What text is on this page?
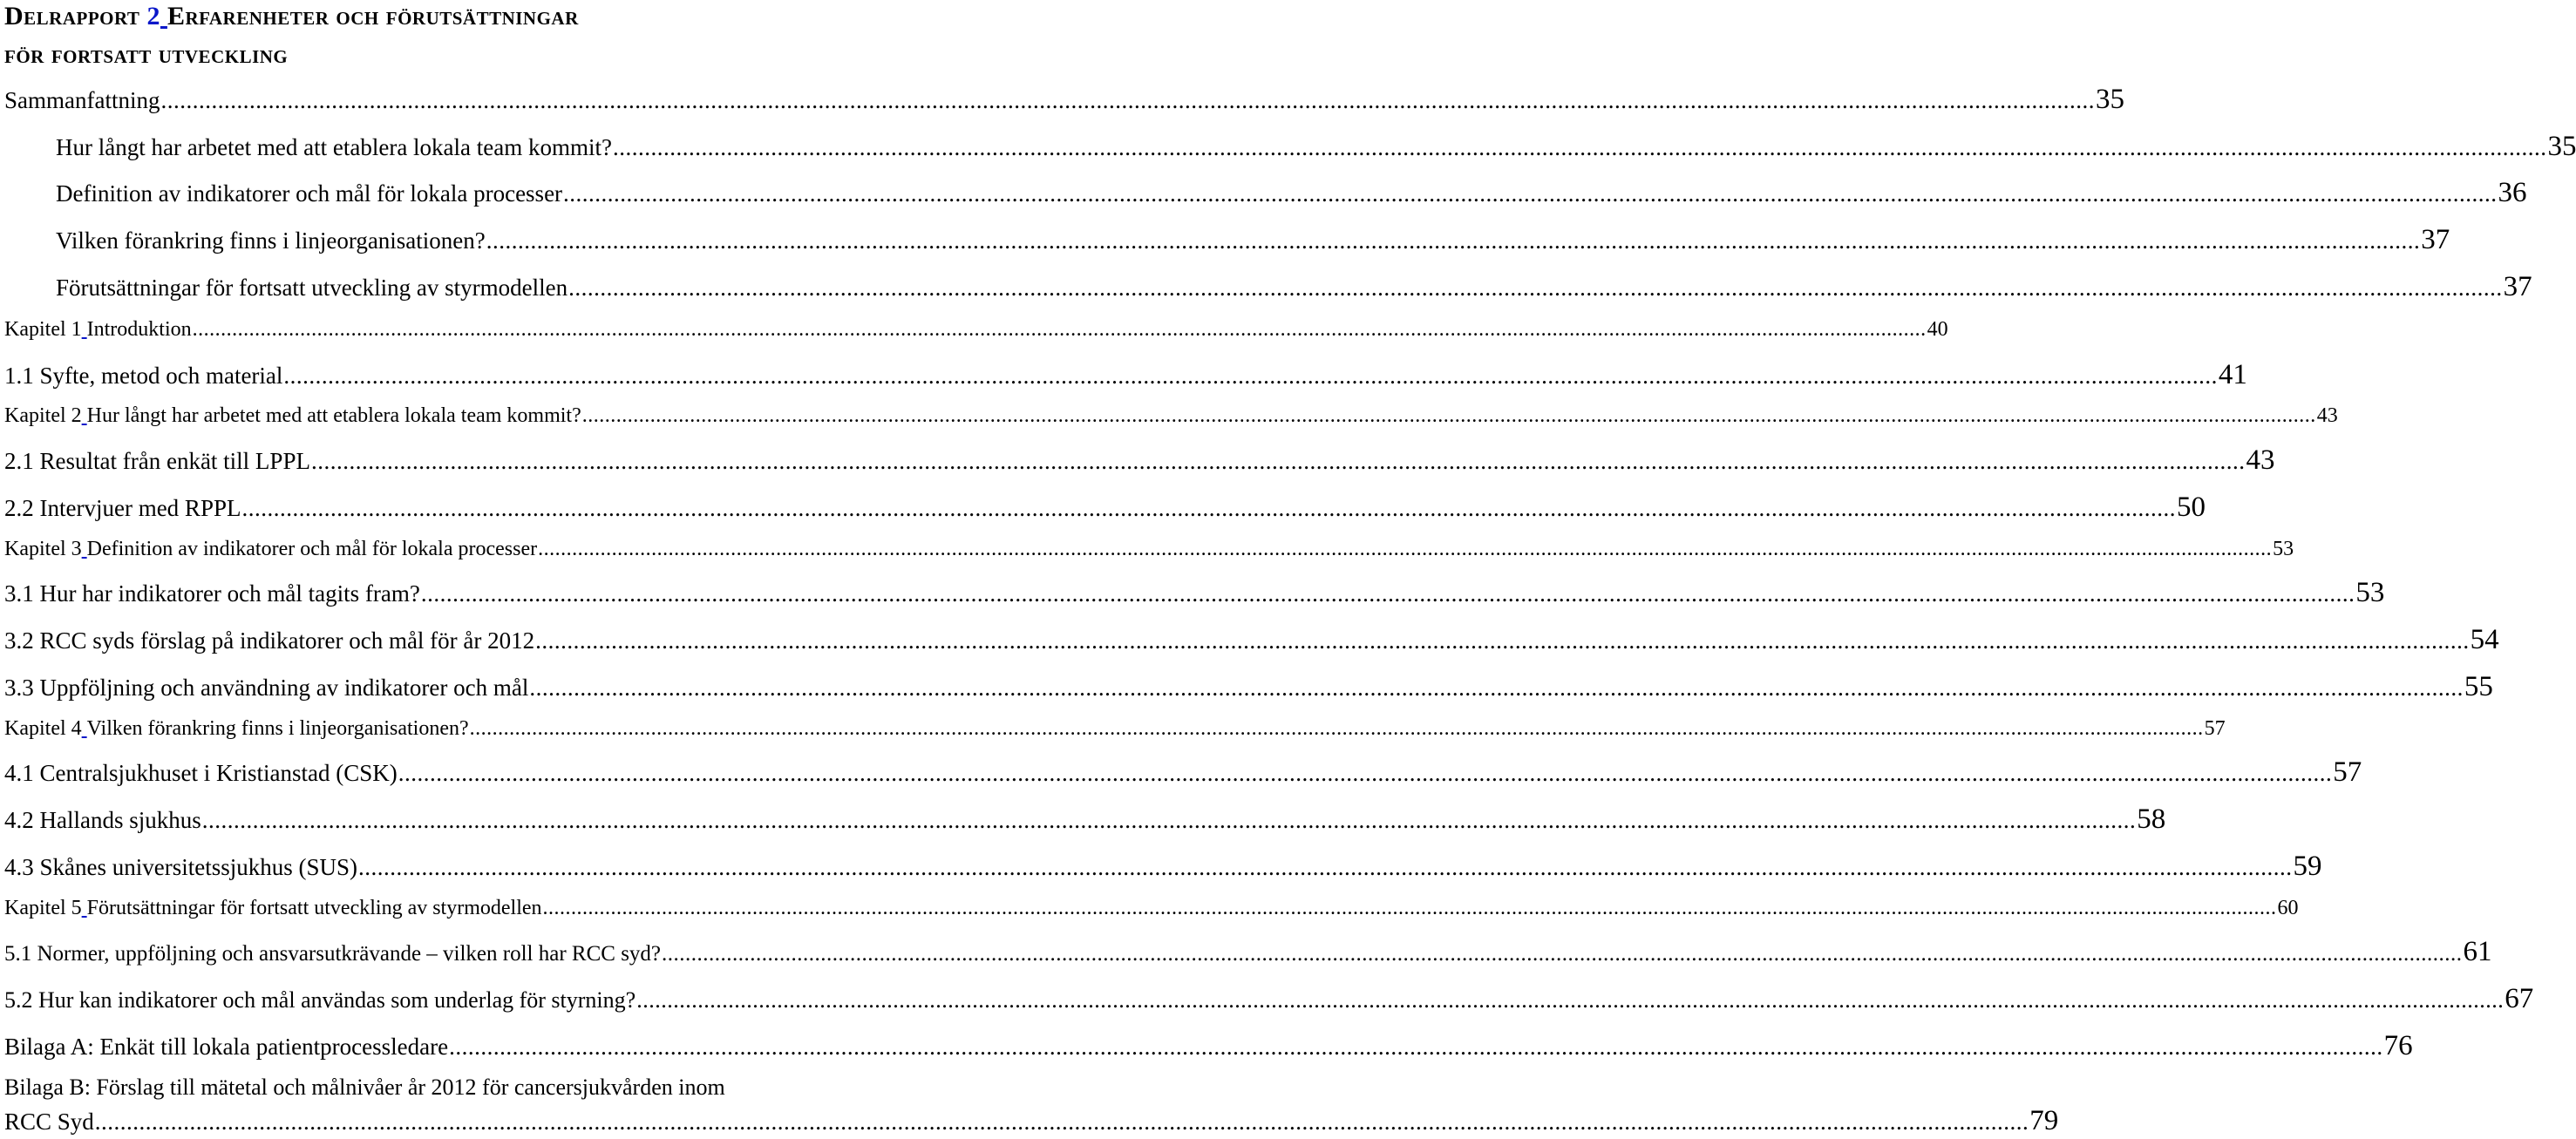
Delrapport 2 Erfarenheter och förutsättningar
för fortsatt utveckling
Sammanfattning .....	35
Hur långt har arbetet med att etablera lokala team kommit? .....	35
Definition av indikatorer och mål för lokala processer .....	36
Vilken förankring finns i linjeorganisationen? .....	37
Förutsättningar för fortsatt utveckling av styrmodellen .....	37
Kapitel 1 Introduktion .....	40
1.1 Syfte, metod och material .....	41
Kapitel 2 Hur långt har arbetet med att etablera lokala team kommit? .....	43
2.1 Resultat från enkät till LPPL .....	43
2.2 Intervjuer med RPPL .....	50
Kapitel 3 Definition av indikatorer och mål för lokala processer .....	53
3.1 Hur har indikatorer och mål tagits fram? .....	53
3.2 RCC syds förslag på indikatorer och mål för år 2012 .....	54
3.3 Uppföljning och användning av indikatorer och mål .....	55
Kapitel 4 Vilken förankring finns i linjeorganisationen? .....	57
4.1 Centralsjukhuset i Kristianstad (CSK) .....	57
4.2 Hallands sjukhus .....	58
4.3 Skånes universitetssjukhus (SUS) .....	59
Kapitel 5 Förutsättningar för fortsatt utveckling av styrmodellen .....	60
5.1 Normer, uppföljning och ansvarsutkrävande – vilken roll har RCC syd? .....	61
5.2 Hur kan indikatorer och mål användas som underlag för styrning? .....	67
Bilaga A: Enkät till lokala patientprocessledare .....	76
Bilaga B: Förslag till mätetal och målnivåer år 2012 för cancersjukvården inom
RCC Syd .....	79
